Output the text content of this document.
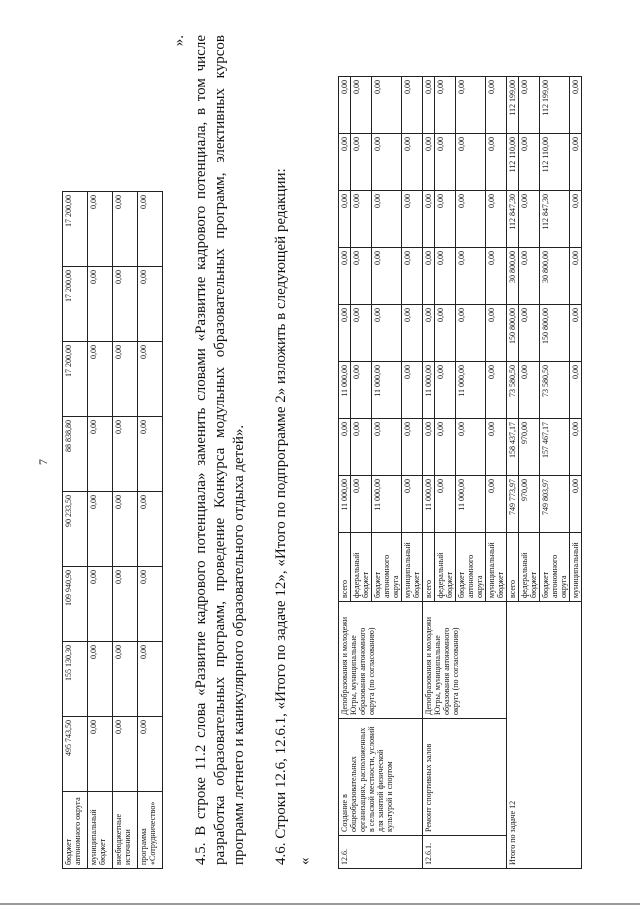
7
бюджет автономного округа	495 743,50	155 130,30	109 940,90	90 233,50	88 838,80	17 200,00	17 200,00	17 200,00
муниципальный бюджет	0,00	0,00	0,00	0,00	0,00	0,00	0,00	0,00
внебюджетные источники	0,00	0,00	0,00	0,00	0,00	0,00	0,00	0,00
программа «Сотрудничество»	0,00	0,00	0,00	0,00	0,00	0,00	0,00	0,00
». 4.5. В строке 11.2 слова «Развитие кадрового потенциала» заменить словами «Развитие кадрового потенциала, в том числе разработка образовательных программ, проведение Конкурса модульных образовательных программ, элективных курсов программ летнего и каникулярного образовательного отдыха детей». 4.6. Строки 12.6, 12.6.1, «Итого по задаче 12», «Итого по подпрограмме 2» изложить в следующей редакции: «	12.6.	Создание в общеобразовательных организациях, расположенных в сельской местности, условий для занятий физической культурой и спортом	Депобразования и молодежи Югры, муниципальные образования автономного округа (по согласованию)	всего	11 000,00	0,00	11 000,00	0,00	0,00	0,00	0,00	0,00
			федеральный бюджет	0,00	0,00	0,00	0,00	0,00	0,00	0,00	0,00
			бюджет автономного округа	11 000,00	0,00	11 000,00	0,00	0,00	0,00	0,00	0,00
			муниципальный бюджет	0,00	0,00	0,00	0,00	0,00	0,00	0,00	0,00
12.6.1.	Ремонт спортивных залов	Депобразования и молодежи Югры, муниципальные образования автономного округа (по согласованию)	всего	11 000,00	0,00	11 000,00	0,00	0,00	0,00	0,00	0,00
			федеральный бюджет	0,00	0,00	0,00	0,00	0,00	0,00	0,00	0,00
			бюджет автономного округа	11 000,00	0,00	11 000,00	0,00	0,00	0,00	0,00	0,00
			муниципальный бюджет	0,00	0,00	0,00	0,00	0,00	0,00	0,00	0,00
Итого по задаче 12			всего	749 773,97	158 437,17	73 580,50	150 800,00	30 800,00	112 847,30	112 110,00	112 199,00
			федеральный бюджет	970,00	970,00	0,00	0,00	0,00	0,00	0,00	0,00
			бюджет автономного округа	749 803,97	157 467,17	73 580,50	150 800,00	30 800,00	112 847,30	112 110,00	112 199,00
			муниципальный	0,00	0,00	0,00	0,00	0,00	0,00	0,00	0,00
